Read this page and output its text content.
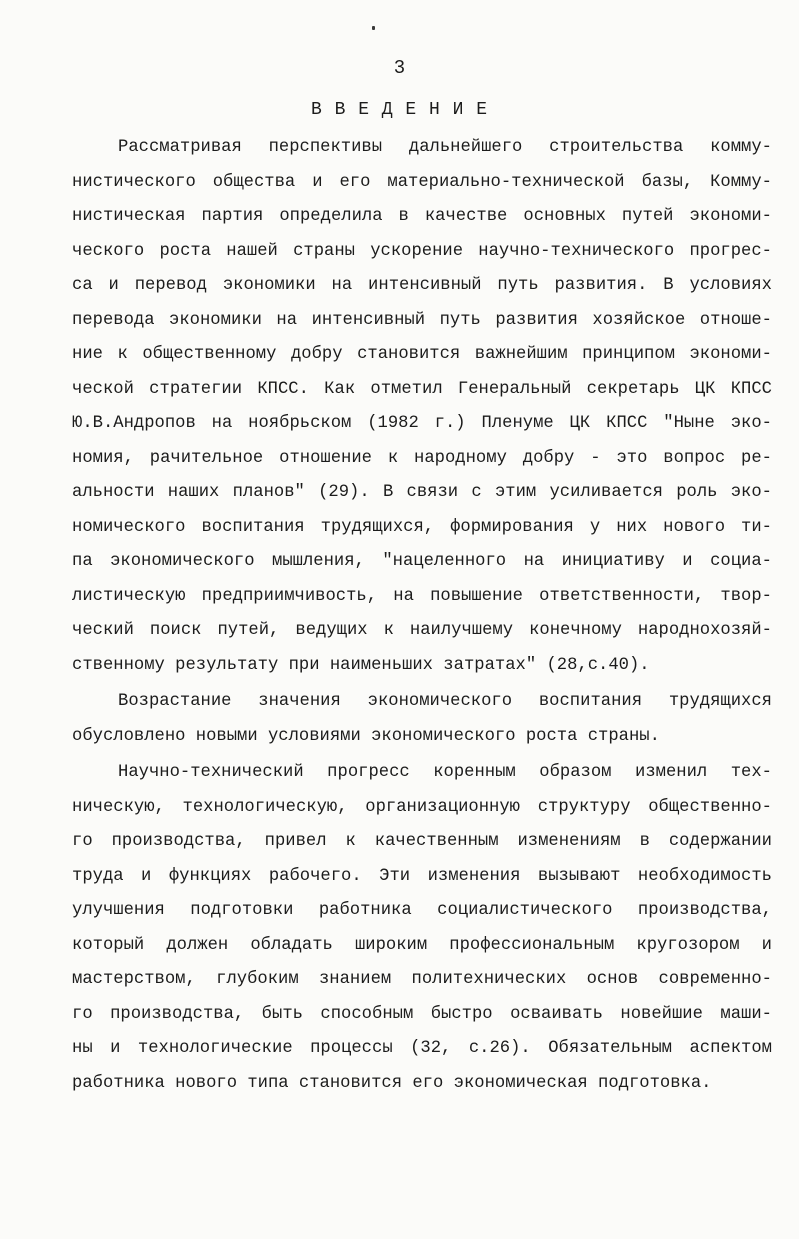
3
В В Е Д Е Н И Е
Рассматривая перспективы дальнейшего строительства комму-
нистического общества и его материально-технической базы, Комму-
нистическая партия определила в качестве основных путей экономи-
ческого роста нашей страны ускорение научно-технического прогрес-
са и перевод экономики на интенсивный путь развития. В условиях
перевода экономики на интенсивный путь развития хозяйское отноше-
ние к общественному добру становится важнейшим принципом экономи-
ческой стратегии КПСС. Как отметил Генеральный секретарь ЦК КПСС
Ю.В.Андропов на ноябрьском (1982 г.) Пленуме ЦК КПСС "Ныне эко-
номия, рачительное отношение к народному добру - это вопрос ре-
альности наших планов" (29). В связи с этим усиливается роль эко-
номического воспитания трудящихся, формирования у них нового ти-
па экономического мышления, "нацеленного на инициативу и социа-
листическую предприимчивость, на повышение ответственности, твор-
ческий поиск путей, ведущих к наилучшему конечному народнохозяй-
ственному результату при наименьших затратах" (28,с.40).
Возрастание значения экономического воспитания трудящихся
обусловлено новыми условиями экономического роста страны.
Научно-технический прогресс коренным образом изменил тех-
ническую, технологическую, организационную структуру общественно-
го производства, привел к качественным изменениям в содержании
труда и функциях рабочего. Эти изменения вызывают необходимость
улучшения подготовки работника социалистического производства,
который должен обладать широким профессиональным кругозором и
мастерством, глубоким знанием политехнических основ современно-
го производства, быть способным быстро осваивать новейшие маши-
ны и технологические процессы (32, с.26). Обязательным аспектом
работника нового типа становится его экономическая подготовка.
